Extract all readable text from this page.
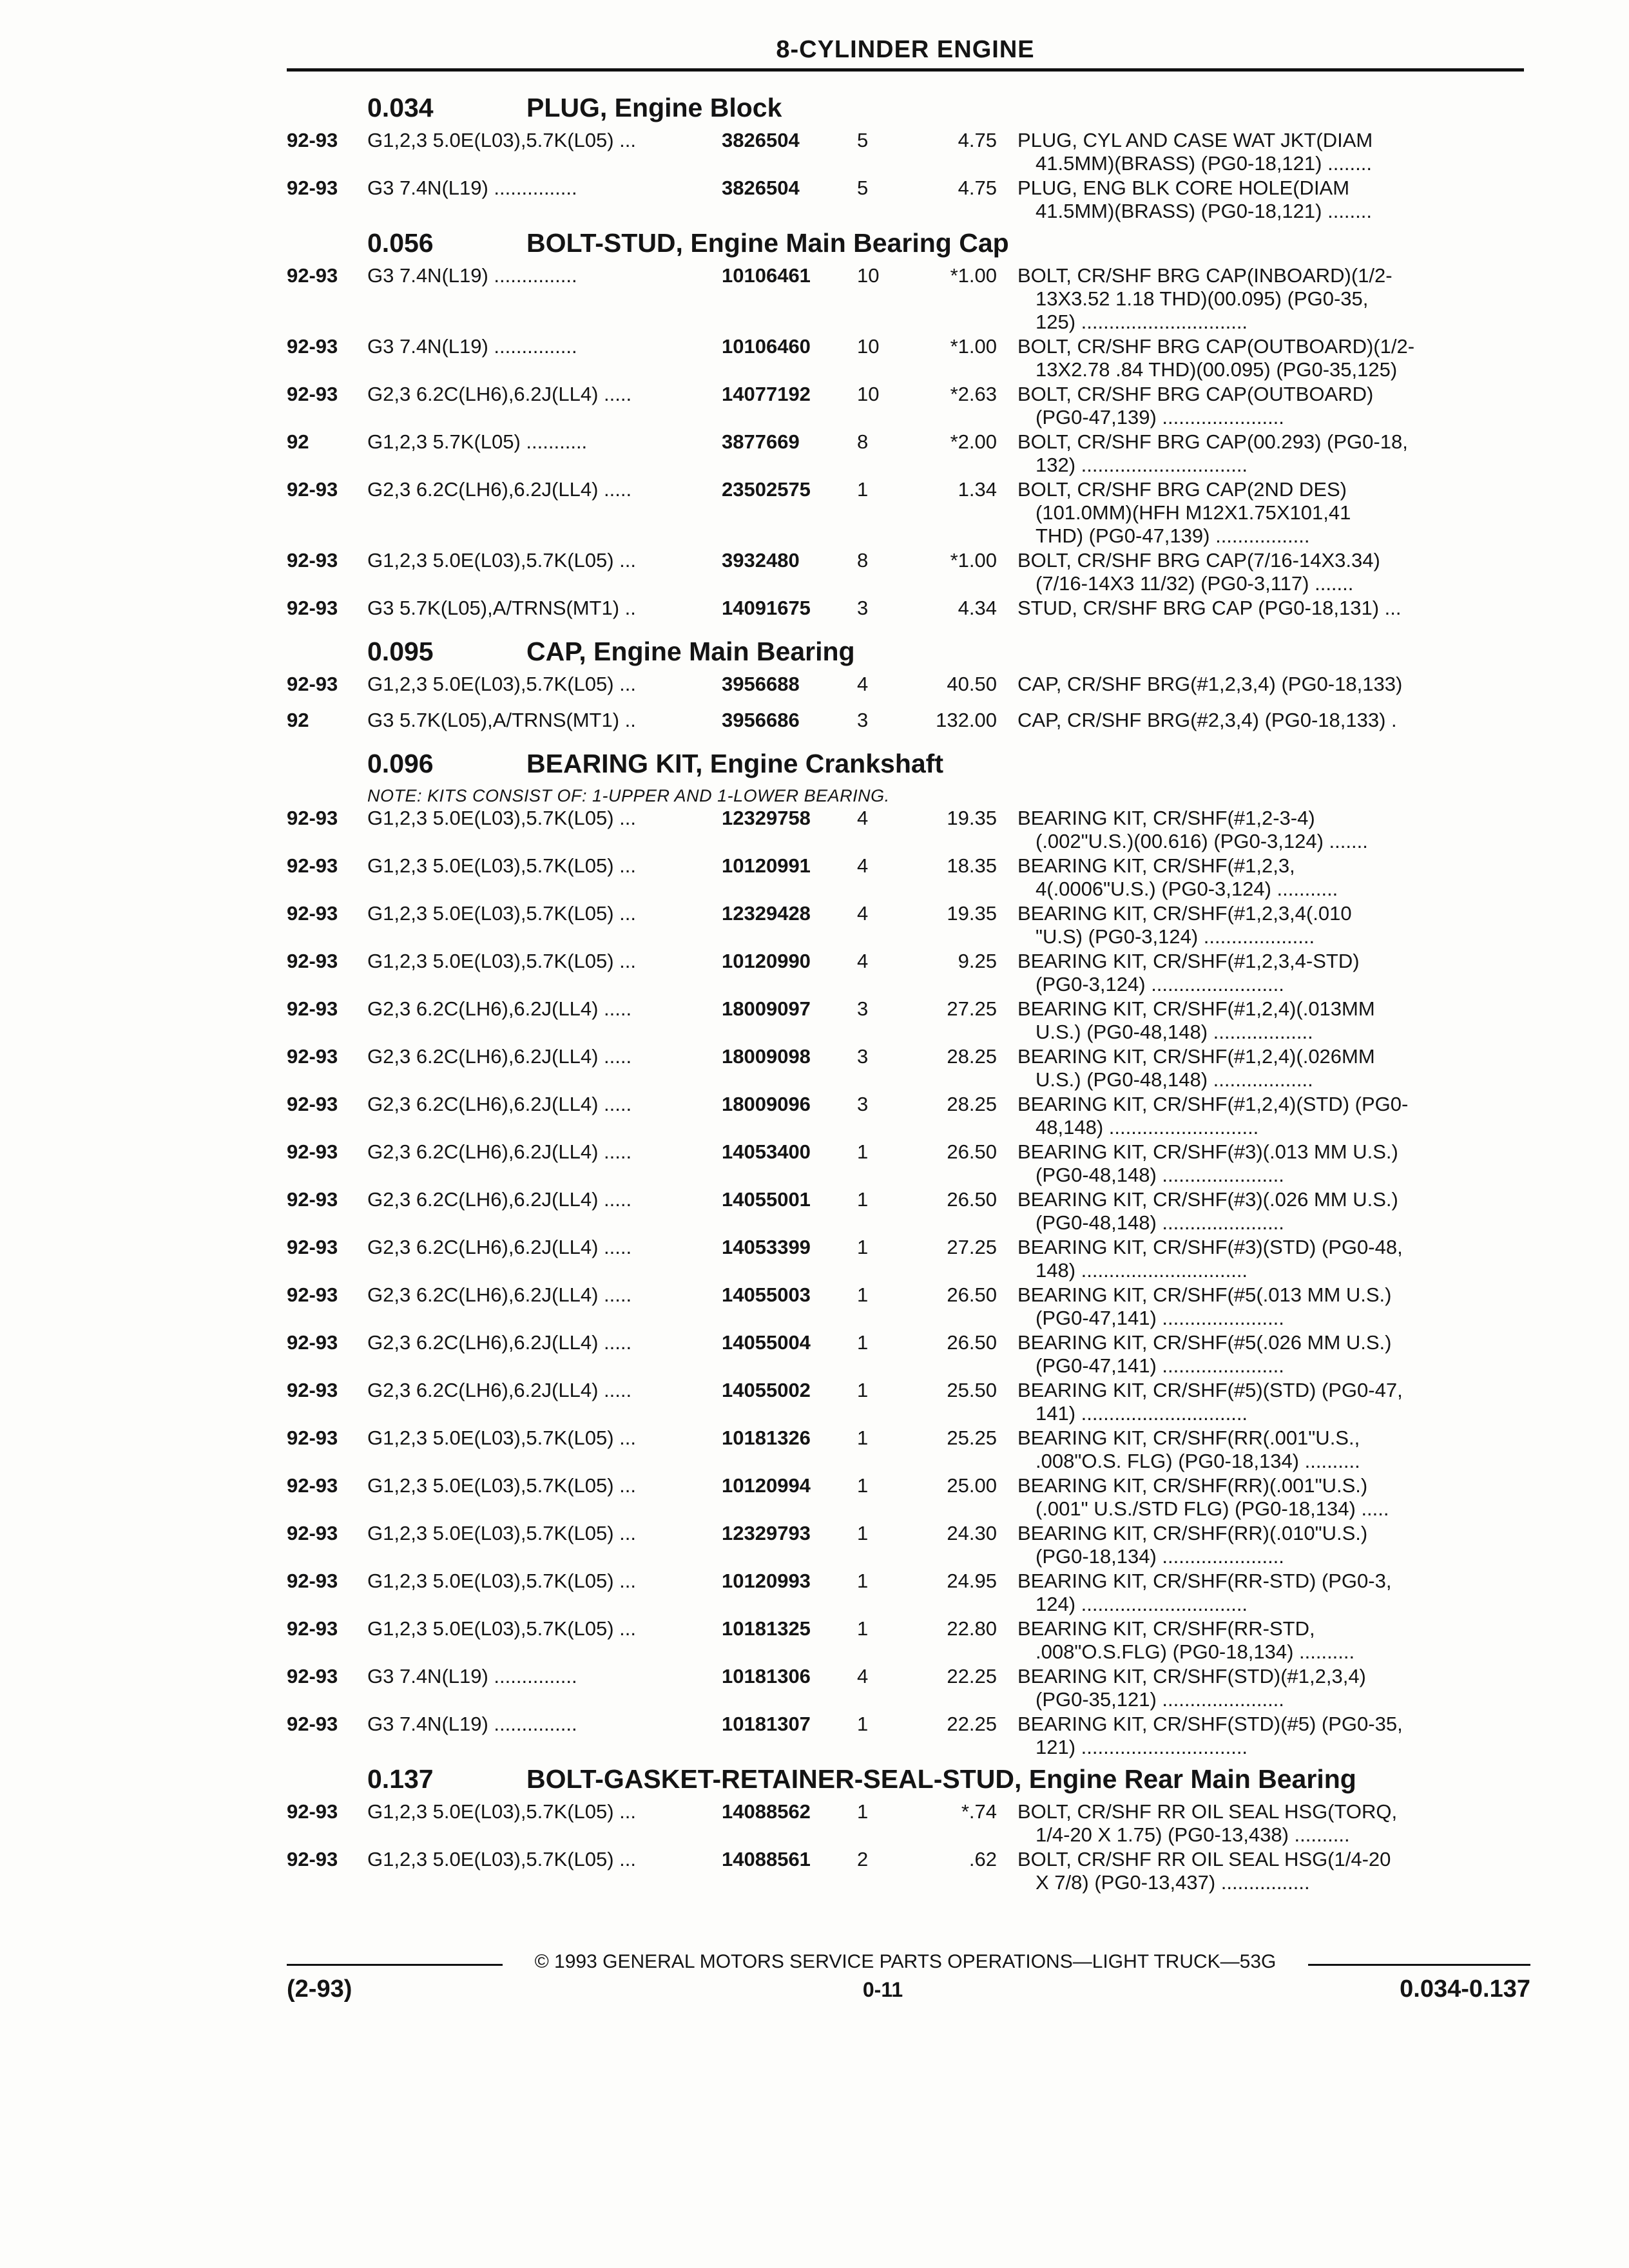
8-CYLINDER ENGINE
0.034	PLUG, Engine Block
92-93	G1,2,3 5.0E(L03),5.7K(L05) ...	3826504	5	4.75	PLUG, CYL AND CASE WAT JKT(DIAM
41.5MM)(BRASS) (PG0-18,121) ........
92-93	G3 7.4N(L19) ...............	3826504	5	4.75	PLUG, ENG BLK CORE HOLE(DIAM
41.5MM)(BRASS) (PG0-18,121) ........
0.056	BOLT-STUD, Engine Main Bearing Cap
92-93	G3 7.4N(L19) ...............	10106461	10	*1.00	BOLT, CR/SHF BRG CAP(INBOARD)(1/2-
13X3.52 1.18 THD)(00.095) (PG0-35,
125) ..............................
92-93	G3 7.4N(L19) ...............	10106460	10	*1.00	BOLT, CR/SHF BRG CAP(OUTBOARD)(1/2-
13X2.78 .84 THD)(00.095) (PG0-35,125)
92-93	G2,3 6.2C(LH6),6.2J(LL4) .....	14077192	10	*2.63	BOLT, CR/SHF BRG CAP(OUTBOARD)
(PG0-47,139) ......................
92	G1,2,3 5.7K(L05) ...........	3877669	8	*2.00	BOLT, CR/SHF BRG CAP(00.293) (PG0-18,
132) ..............................
92-93	G2,3 6.2C(LH6),6.2J(LL4) .....	23502575	1	1.34	BOLT, CR/SHF BRG CAP(2ND DES)
(101.0MM)(HFH M12X1.75X101,41
THD) (PG0-47,139) .................
92-93	G1,2,3 5.0E(L03),5.7K(L05) ...	3932480	8	*1.00	BOLT, CR/SHF BRG CAP(7/16-14X3.34)
(7/16-14X3 11/32) (PG0-3,117) .......
92-93	G3 5.7K(L05),A/TRNS(MT1) ..	14091675	3	4.34	STUD, CR/SHF BRG CAP (PG0-18,131) ...
0.095	CAP, Engine Main Bearing
92-93	G1,2,3 5.0E(L03),5.7K(L05) ...	3956688	4	40.50	CAP, CR/SHF BRG(#1,2,3,4) (PG0-18,133)
92	G3 5.7K(L05),A/TRNS(MT1) ..	3956686	3	132.00	CAP, CR/SHF BRG(#2,3,4) (PG0-18,133) .
0.096	BEARING KIT, Engine Crankshaft
NOTE: KITS CONSIST OF: 1-UPPER AND 1-LOWER BEARING.
92-93	G1,2,3 5.0E(L03),5.7K(L05) ...	12329758	4	19.35	BEARING KIT, CR/SHF(#1,2-3-4)
(.002"U.S.)(00.616) (PG0-3,124) .......
92-93	G1,2,3 5.0E(L03),5.7K(L05) ...	10120991	4	18.35	BEARING KIT, CR/SHF(#1,2,3,
4(.0006"U.S.) (PG0-3,124) ...........
92-93	G1,2,3 5.0E(L03),5.7K(L05) ...	12329428	4	19.35	BEARING KIT, CR/SHF(#1,2,3,4(.010
"U.S) (PG0-3,124) ....................
92-93	G1,2,3 5.0E(L03),5.7K(L05) ...	10120990	4	9.25	BEARING KIT, CR/SHF(#1,2,3,4-STD)
(PG0-3,124) ........................
92-93	G2,3 6.2C(LH6),6.2J(LL4) .....	18009097	3	27.25	BEARING KIT, CR/SHF(#1,2,4)(.013MM
U.S.) (PG0-48,148) ..................
92-93	G2,3 6.2C(LH6),6.2J(LL4) .....	18009098	3	28.25	BEARING KIT, CR/SHF(#1,2,4)(.026MM
U.S.) (PG0-48,148) ..................
92-93	G2,3 6.2C(LH6),6.2J(LL4) .....	18009096	3	28.25	BEARING KIT, CR/SHF(#1,2,4)(STD) (PG0-
48,148) ...........................
92-93	G2,3 6.2C(LH6),6.2J(LL4) .....	14053400	1	26.50	BEARING KIT, CR/SHF(#3)(.013 MM U.S.)
(PG0-48,148) ......................
92-93	G2,3 6.2C(LH6),6.2J(LL4) .....	14055001	1	26.50	BEARING KIT, CR/SHF(#3)(.026 MM U.S.)
(PG0-48,148) ......................
92-93	G2,3 6.2C(LH6),6.2J(LL4) .....	14053399	1	27.25	BEARING KIT, CR/SHF(#3)(STD) (PG0-48,
148) ..............................
92-93	G2,3 6.2C(LH6),6.2J(LL4) .....	14055003	1	26.50	BEARING KIT, CR/SHF(#5(.013 MM U.S.)
(PG0-47,141) ......................
92-93	G2,3 6.2C(LH6),6.2J(LL4) .....	14055004	1	26.50	BEARING KIT, CR/SHF(#5(.026 MM U.S.)
(PG0-47,141) ......................
92-93	G2,3 6.2C(LH6),6.2J(LL4) .....	14055002	1	25.50	BEARING KIT, CR/SHF(#5)(STD) (PG0-47,
141) ..............................
92-93	G1,2,3 5.0E(L03),5.7K(L05) ...	10181326	1	25.25	BEARING KIT, CR/SHF(RR(.001"U.S.,
.008"O.S. FLG) (PG0-18,134) ..........
92-93	G1,2,3 5.0E(L03),5.7K(L05) ...	10120994	1	25.00	BEARING KIT, CR/SHF(RR)(.001"U.S.)
(.001" U.S./STD FLG) (PG0-18,134) .....
92-93	G1,2,3 5.0E(L03),5.7K(L05) ...	12329793	1	24.30	BEARING KIT, CR/SHF(RR)(.010"U.S.)
(PG0-18,134) ......................
92-93	G1,2,3 5.0E(L03),5.7K(L05) ...	10120993	1	24.95	BEARING KIT, CR/SHF(RR-STD) (PG0-3,
124) ..............................
92-93	G1,2,3 5.0E(L03),5.7K(L05) ...	10181325	1	22.80	BEARING KIT, CR/SHF(RR-STD,
.008"O.S.FLG) (PG0-18,134) ..........
92-93	G3 7.4N(L19) ...............	10181306	4	22.25	BEARING KIT, CR/SHF(STD)(#1,2,3,4)
(PG0-35,121) ......................
92-93	G3 7.4N(L19) ...............	10181307	1	22.25	BEARING KIT, CR/SHF(STD)(#5) (PG0-35,
121) ..............................
0.137	BOLT-GASKET-RETAINER-SEAL-STUD, Engine Rear Main Bearing
92-93	G1,2,3 5.0E(L03),5.7K(L05) ...	14088562	1	*.74	BOLT, CR/SHF RR OIL SEAL HSG(TORQ,
1/4-20 X 1.75) (PG0-13,438) ..........
92-93	G1,2,3 5.0E(L03),5.7K(L05) ...	14088561	2	.62	BOLT, CR/SHF RR OIL SEAL HSG(1/4-20
X 7/8) (PG0-13,437) ................
© 1993 GENERAL MOTORS SERVICE PARTS OPERATIONS—LIGHT TRUCK—53G
(2-93)	0-11	0.034-0.137
